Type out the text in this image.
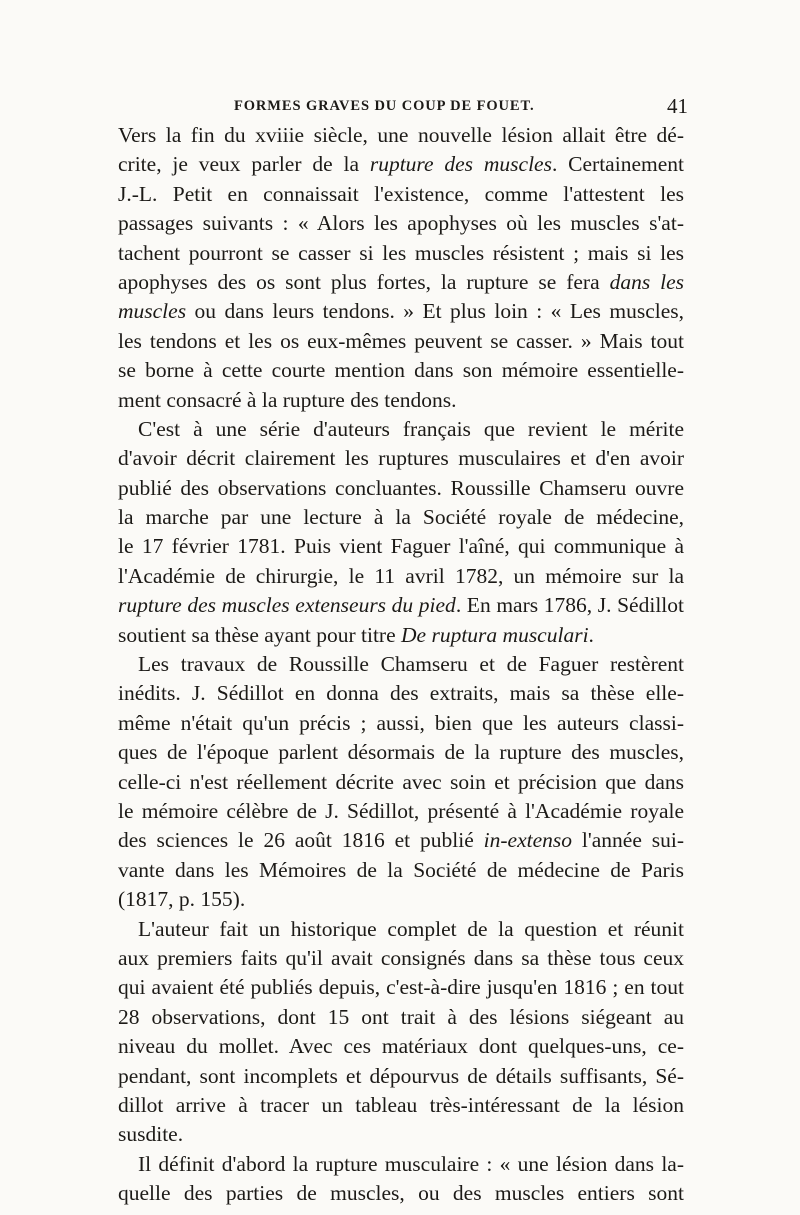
FORMES GRAVES DU COUP DE FOUET.	41
Vers la fin du xviiie siècle, une nouvelle lésion allait être dé-
crite, je veux parler de la rupture des muscles. Certainement
J.-L. Petit en connaissait l'existence, comme l'attestent les
passages suivants : « Alors les apophyses où les muscles s'at-
tachent pourront se casser si les muscles résistent ; mais si les
apophyses des os sont plus fortes, la rupture se fera dans les
muscles ou dans leurs tendons. » Et plus loin : « Les muscles,
les tendons et les os eux-mêmes peuvent se casser. » Mais tout
se borne à cette courte mention dans son mémoire essentielle-
ment consacré à la rupture des tendons.
C'est à une série d'auteurs français que revient le mérite
d'avoir décrit clairement les ruptures musculaires et d'en avoir
publié des observations concluantes. Roussille Chamseru ouvre
la marche par une lecture à la Société royale de médecine,
le 17 février 1781. Puis vient Faguer l'aîné, qui communique à
l'Académie de chirurgie, le 11 avril 1782, un mémoire sur la
rupture des muscles extenseurs du pied. En mars 1786, J. Sédillot
soutient sa thèse ayant pour titre De ruptura musculari.
Les travaux de Roussille Chamseru et de Faguer restèrent
inédits. J. Sédillot en donna des extraits, mais sa thèse elle-
même n'était qu'un précis ; aussi, bien que les auteurs classi-
ques de l'époque parlent désormais de la rupture des muscles,
celle-ci n'est réellement décrite avec soin et précision que dans
le mémoire célèbre de J. Sédillot, présenté à l'Académie royale
des sciences le 26 août 1816 et publié in-extenso l'année sui-
vante dans les Mémoires de la Société de médecine de Paris
(1817, p. 155).
L'auteur fait un historique complet de la question et réunit
aux premiers faits qu'il avait consignés dans sa thèse tous ceux
qui avaient été publiés depuis, c'est-à-dire jusqu'en 1816 ; en tout
28 observations, dont 15 ont trait à des lésions siégeant au
niveau du mollet. Avec ces matériaux dont quelques-uns, ce-
pendant, sont incomplets et dépourvus de détails suffisants, Sé-
dillot arrive à tracer un tableau très-intéressant de la lésion
susdite.
Il définit d'abord la rupture musculaire : « une lésion dans la-
quelle des parties de muscles, ou des muscles entiers sont
